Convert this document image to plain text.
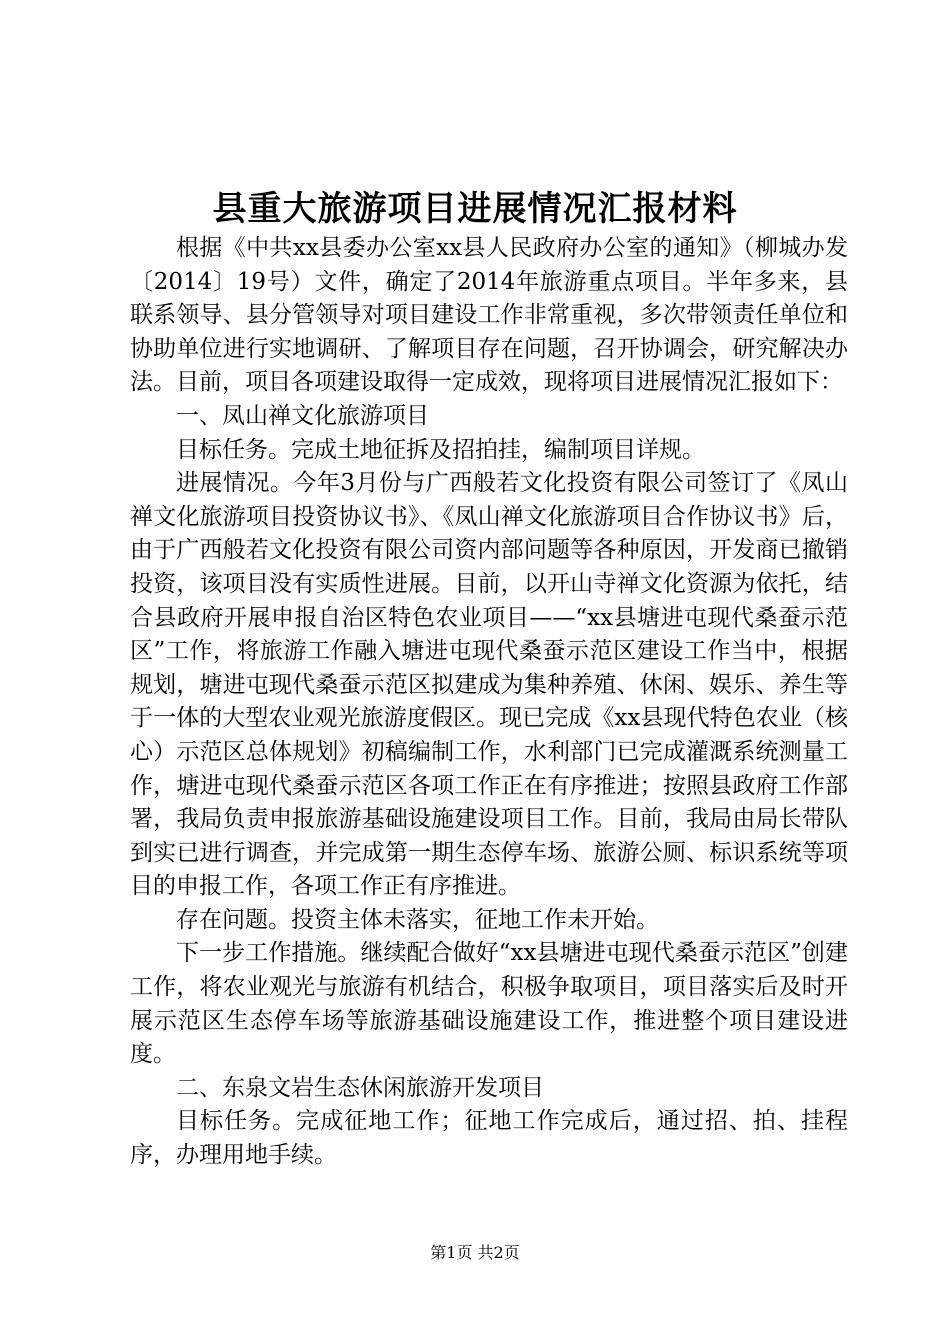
县重大旅游项目进展情况汇报材料

根据《中共xx县委办公室xx县人民政府办公室的通知》（柳城办发〔2014〕19号）文件，确定了2014年旅游重点项目。半年多来，县联系领导、县分管领导对项目建设工作非常重视，多次带领责任单位和协助单位进行实地调研、了解项目存在问题，召开协调会，研究解决办法。目前，项目各项建设取得一定成效，现将项目进展情况汇报如下：

一、凤山禅文化旅游项目

目标任务。完成土地征拆及招拍挂，编制项目详规。

进展情况。今年3月份与广西般若文化投资有限公司签订了《凤山禅文化旅游项目投资协议书》、《凤山禅文化旅游项目合作协议书》后，由于广西般若文化投资有限公司资内部问题等各种原因，开发商已撤销投资，该项目没有实质性进展。目前，以开山寺禅文化资源为依托，结合县政府开展申报自治区特色农业项目——“xx县塘进屯现代桑蚕示范区”工作，将旅游工作融入塘进屯现代桑蚕示范区建设工作当中，根据规划，塘进屯现代桑蚕示范区拟建成为集种养殖、休闲、娱乐、养生等于一体的大型农业观光旅游度假区。现已完成《xx县现代特色农业（核心）示范区总体规划》初稿编制工作，水利部门已完成灌溉系统测量工作，塘进屯现代桑蚕示范区各项工作正在有序推进；按照县政府工作部署，我局负责申报旅游基础设施建设项目工作。目前，我局由局长带队到实已进行调查，并完成第一期生态停车场、旅游公厕、标识系统等项目的申报工作，各项工作正有序推进。

存在问题。投资主体未落实，征地工作未开始。

下一步工作措施。继续配合做好“xx县塘进屯现代桑蚕示范区”创建工作，将农业观光与旅游有机结合，积极争取项目，项目落实后及时开展示范区生态停车场等旅游基础设施建设工作，推进整个项目建设进度。

二、东泉文岩生态休闲旅游开发项目

目标任务。完成征地工作；征地工作完成后，通过招、拍、挂程序，办理用地手续。

第1页 共2页
